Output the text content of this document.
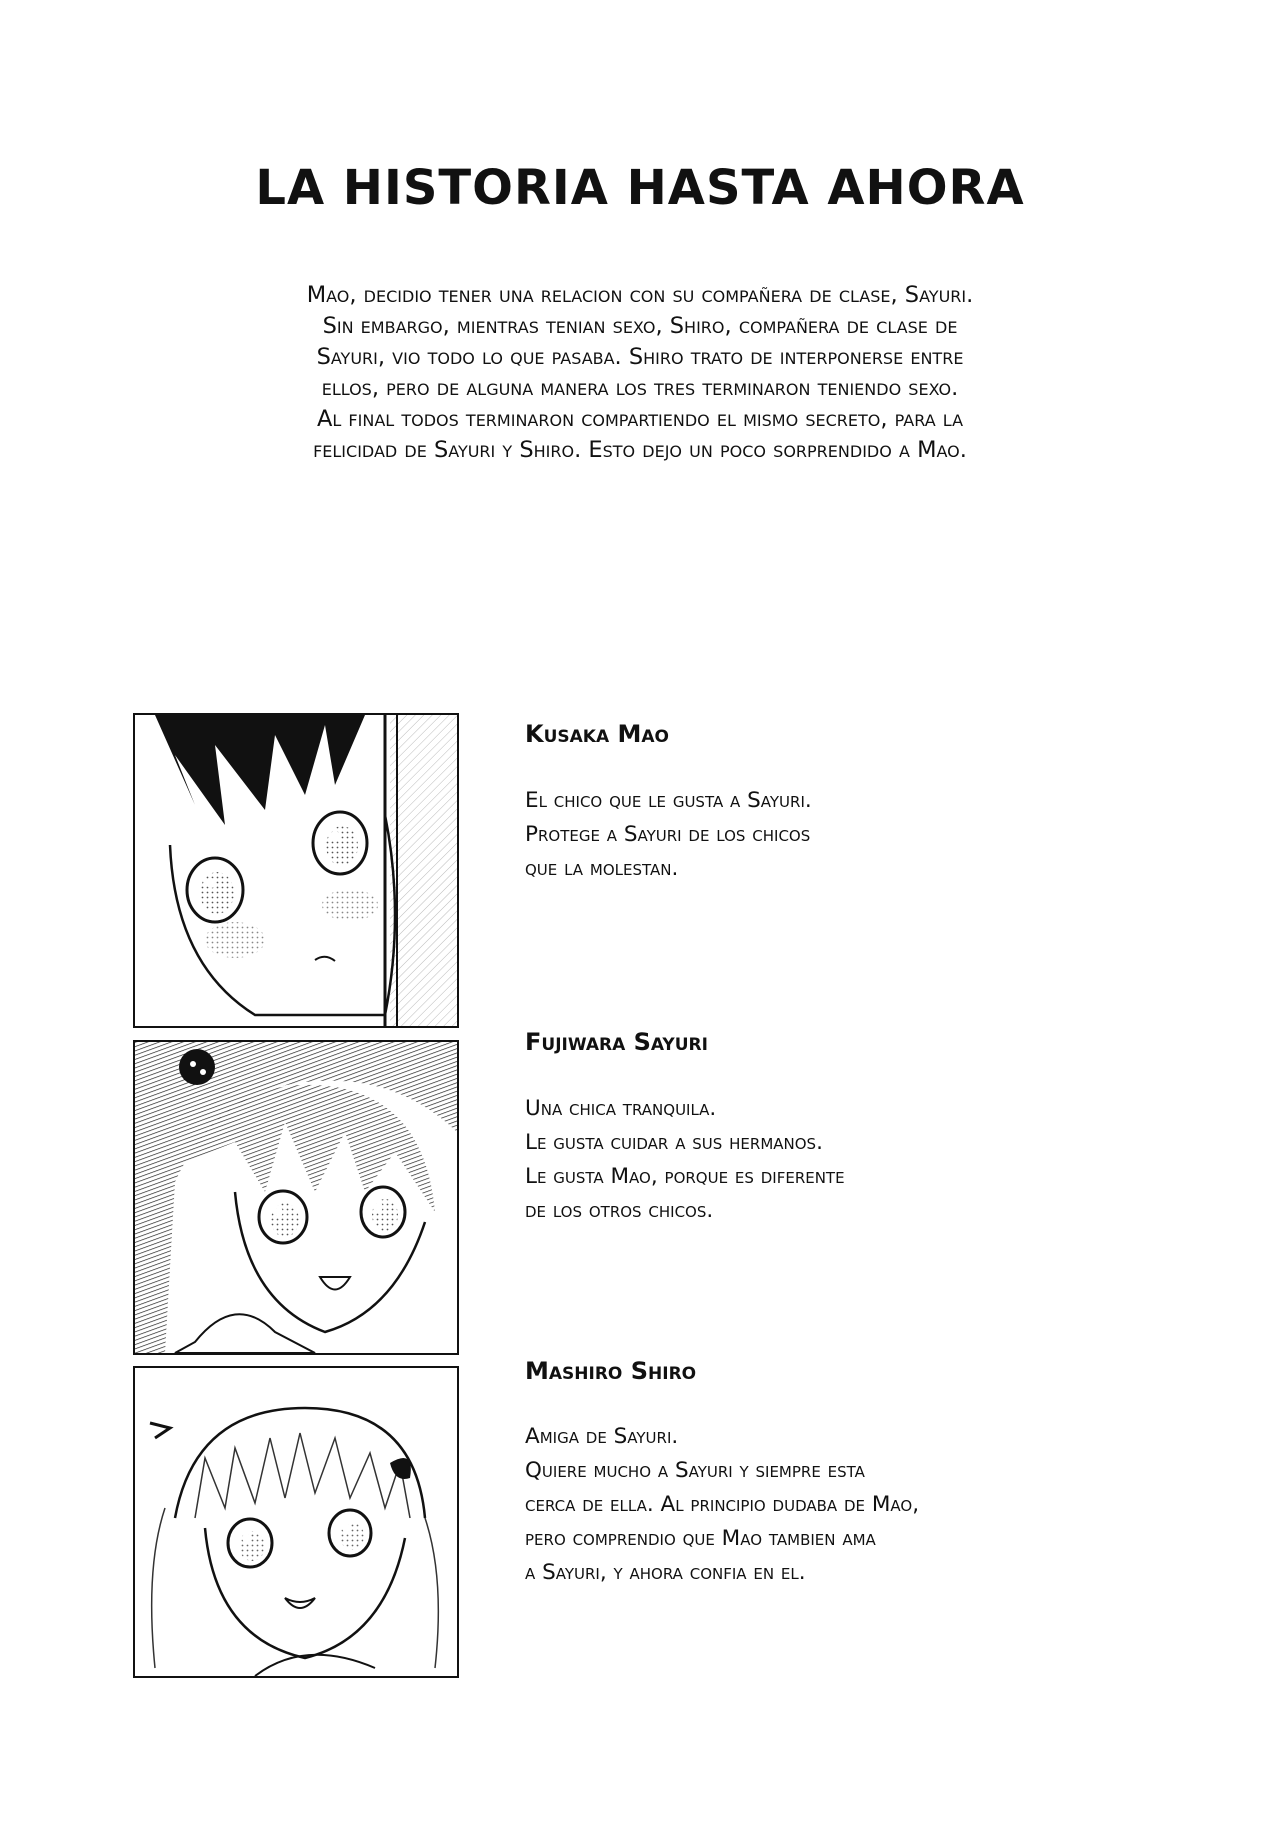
LA HISTORIA HASTA AHORA
Mao, decidio tener una relacion con su compañera de clase, Sayuri.
Sin embargo, mientras tenian sexo, Shiro, compañera de clase de
Sayuri, vio todo lo que pasaba. Shiro trato de interponerse entre
ellos, pero de alguna manera los tres terminaron teniendo sexo.
Al final todos terminaron compartiendo el mismo secreto, para la
felicidad de Sayuri y Shiro. Esto dejo un poco sorprendido a Mao.
Kusaka Mao
El chico que le gusta a Sayuri.
Protege a Sayuri de los chicos
que la molestan.
Fujiwara Sayuri
Una chica tranquila.
Le gusta cuidar a sus hermanos.
Le gusta Mao, porque es diferente
de los otros chicos.
Mashiro Shiro
Amiga de Sayuri.
Quiere mucho a Sayuri y siempre esta
cerca de ella. Al principio dudaba de Mao,
pero comprendio que Mao tambien ama
a Sayuri, y ahora confia en el.
